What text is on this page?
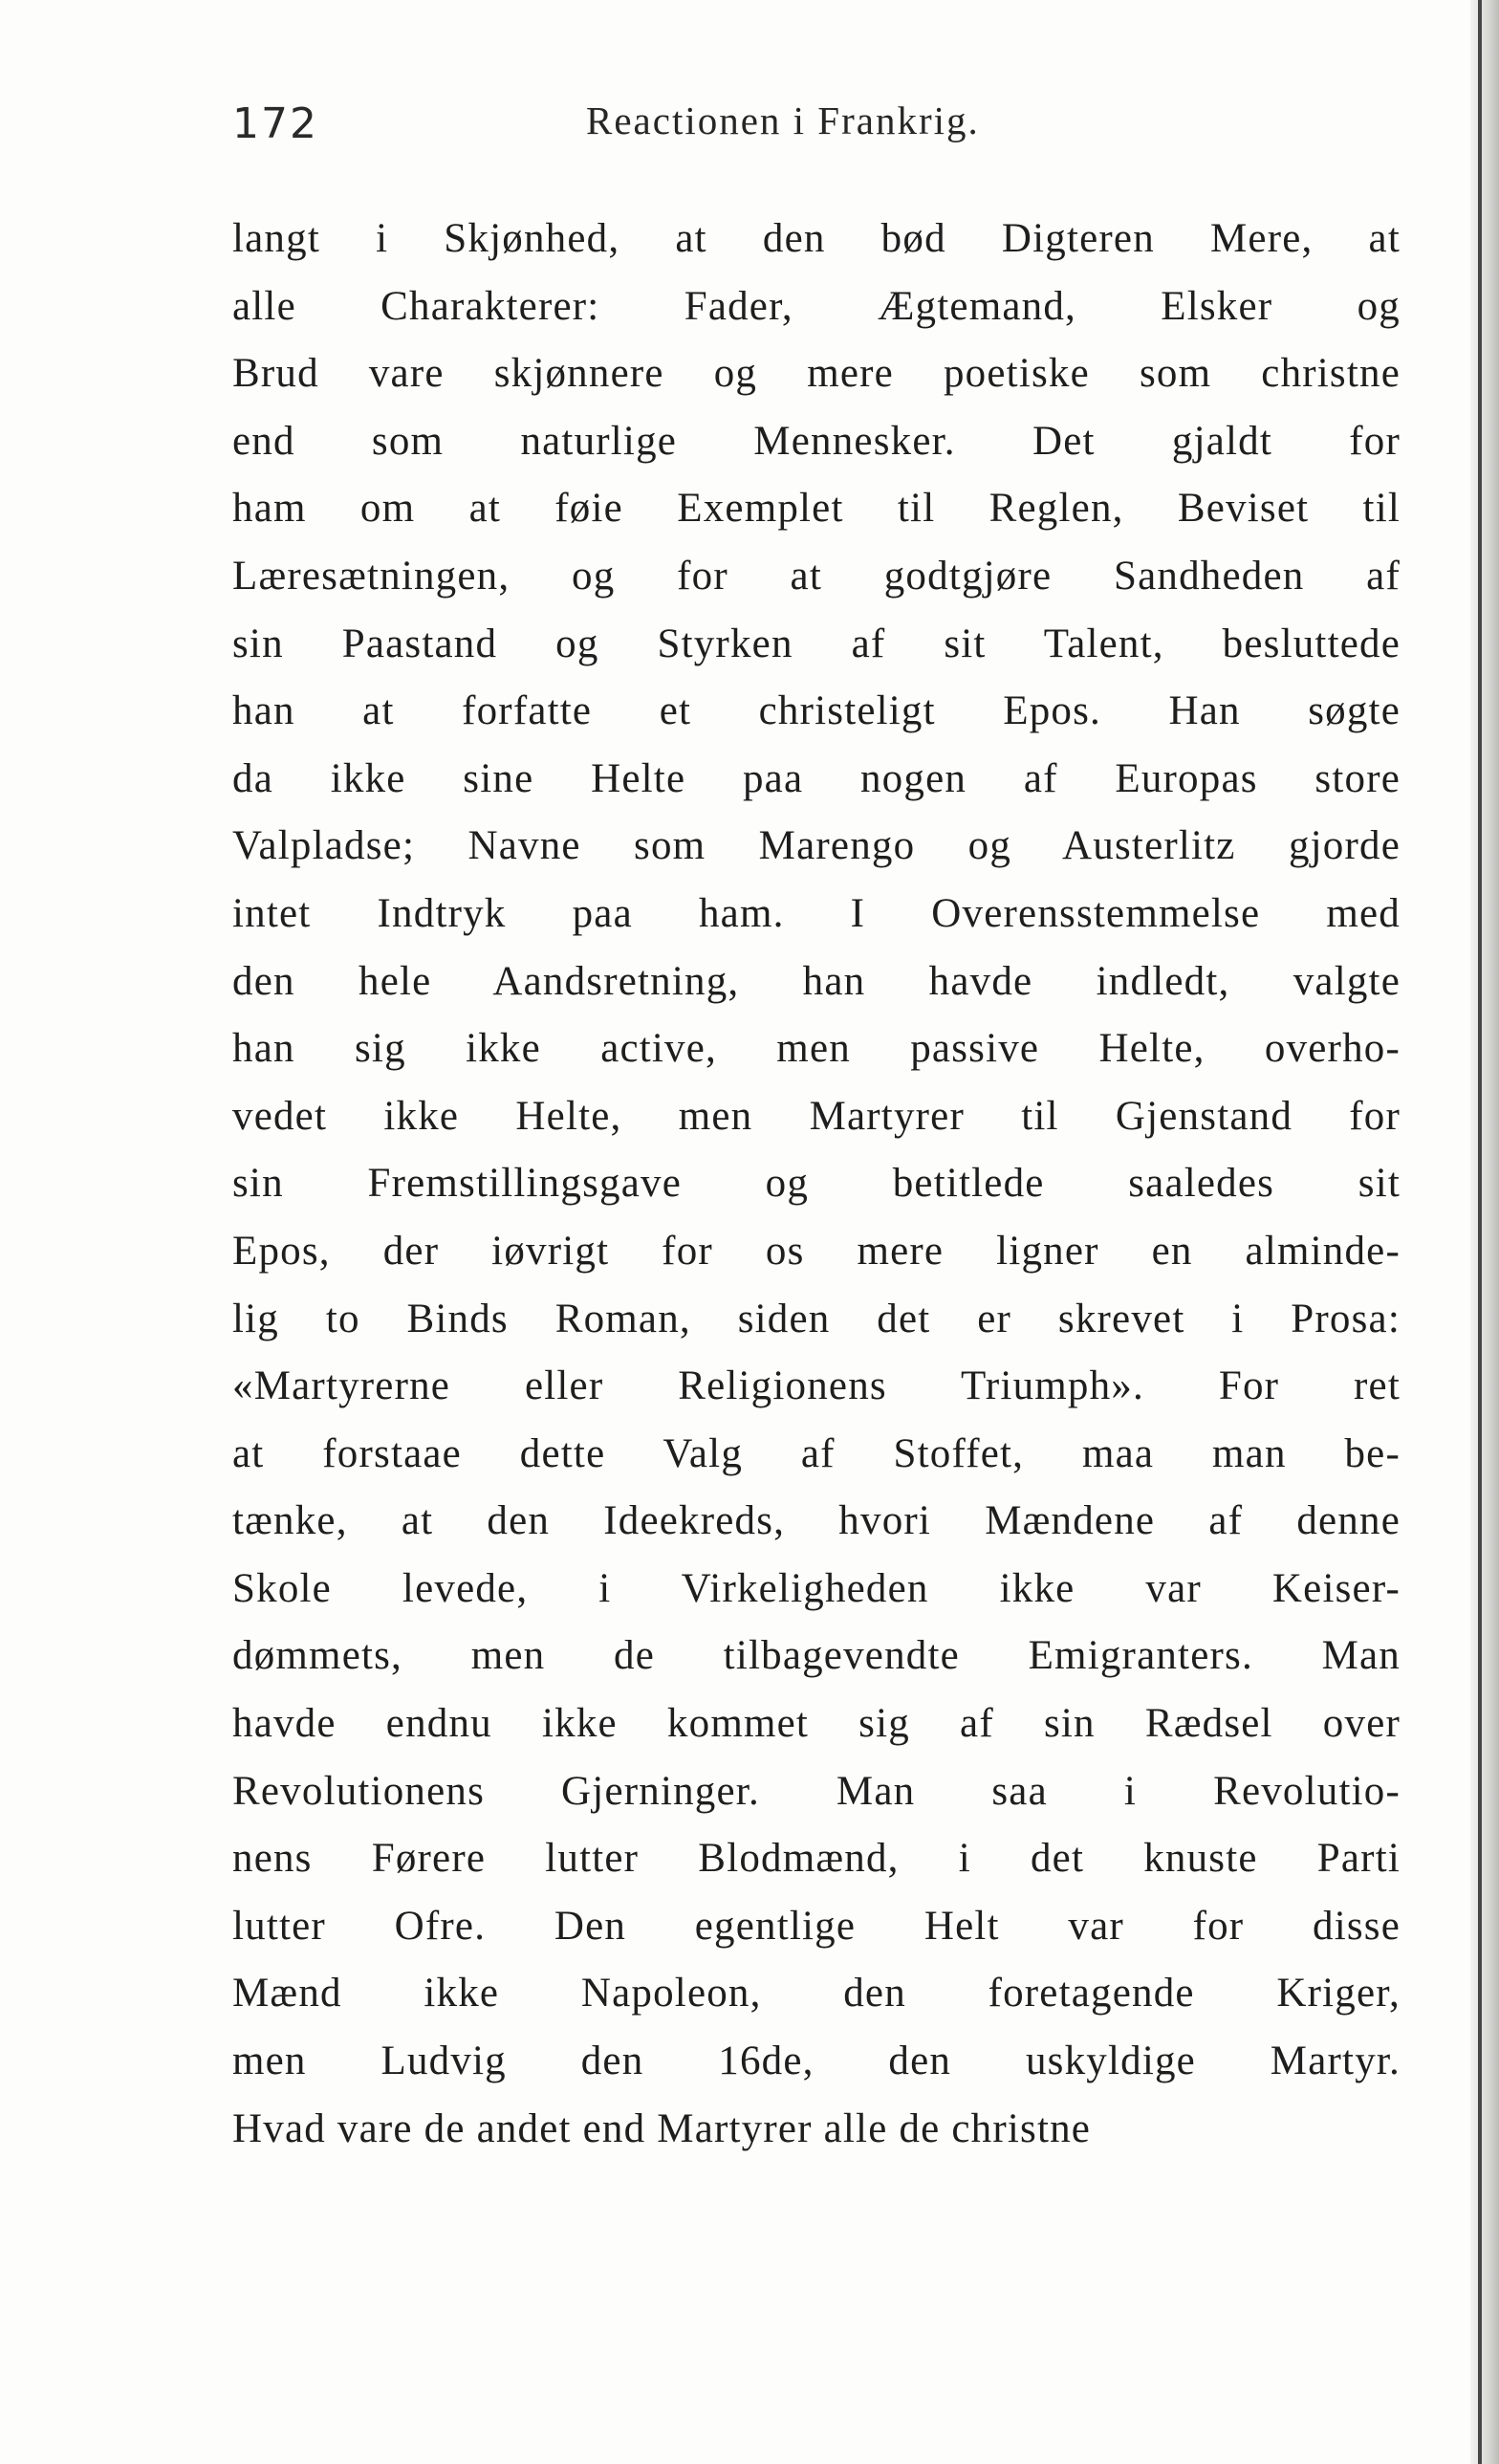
172	Reactionen i Frankrig.
langt i Skjønhed, at den bød Digteren Mere, at
alle Charakterer: Fader, Ægtemand, Elsker og
Brud vare skjønnere og mere poetiske som christne
end som naturlige Mennesker. Det gjaldt for
ham om at føie Exemplet til Reglen, Beviset til
Læresætningen, og for at godtgjøre Sandheden af
sin Paastand og Styrken af sit Talent, besluttede
han at forfatte et christeligt Epos. Han søgte
da ikke sine Helte paa nogen af Europas store
Valpladse; Navne som Marengo og Austerlitz gjorde
intet Indtryk paa ham. I Overensstemmelse med
den hele Aandsretning, han havde indledt, valgte
han sig ikke active, men passive Helte, overho-
vedet ikke Helte, men Martyrer til Gjenstand for
sin Fremstillingsgave og betitlede saaledes sit
Epos, der iøvrigt for os mere ligner en alminde-
lig to Binds Roman, siden det er skrevet i Prosa:
«Martyrerne eller Religionens Triumph». For ret
at forstaae dette Valg af Stoffet, maa man be-
tænke, at den Ideekreds, hvori Mændene af denne
Skole levede, i Virkeligheden ikke var Keiser-
dømmets, men de tilbagevendte Emigranters. Man
havde endnu ikke kommet sig af sin Rædsel over
Revolutionens Gjerninger. Man saa i Revolutio-
nens Førere lutter Blodmænd, i det knuste Parti
lutter Ofre. Den egentlige Helt var for disse
Mænd ikke Napoleon, den foretagende Kriger,
men Ludvig den 16de, den uskyldige Martyr.
Hvad vare de andet end Martyrer alle de christne
